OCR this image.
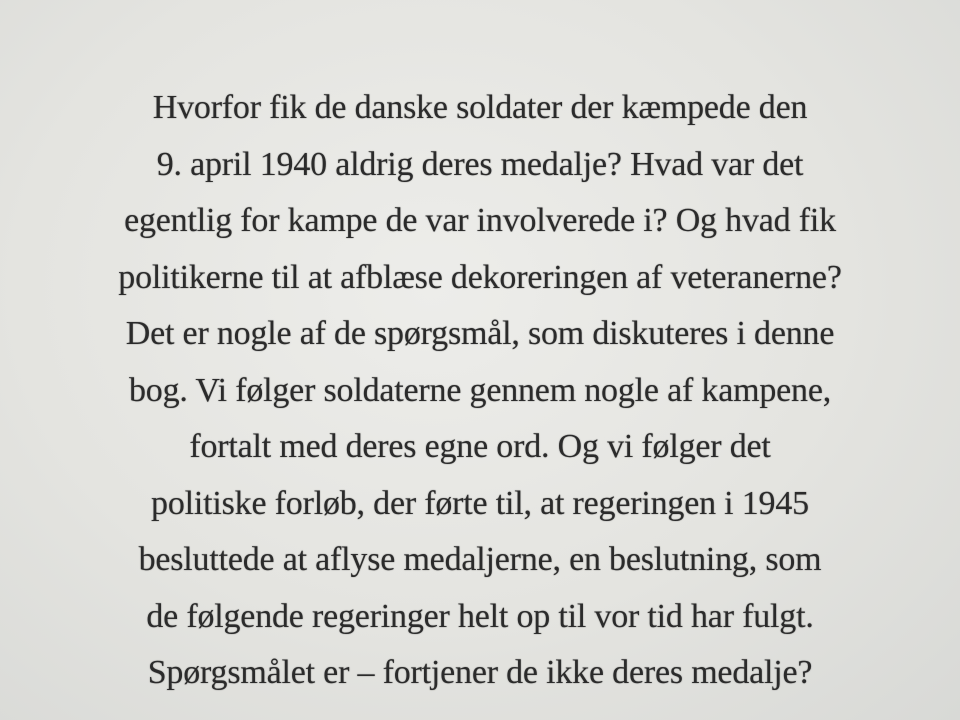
Hvorfor fik de danske soldater der kæmpede den
9. april 1940 aldrig deres medalje? Hvad var det
egentlig for kampe de var involverede i? Og hvad fik
politikerne til at afblæse dekoreringen af veteranerne?
Det er nogle af de spørgsmål, som diskuteres i denne
bog. Vi følger soldaterne gennem nogle af kampene,
fortalt med deres egne ord. Og vi følger det
politiske forløb, der førte til, at regeringen i 1945
besluttede at aflyse medaljerne, en beslutning, som
de følgende regeringer helt op til vor tid har fulgt.
Spørgsmålet er – fortjener de ikke deres medalje?
